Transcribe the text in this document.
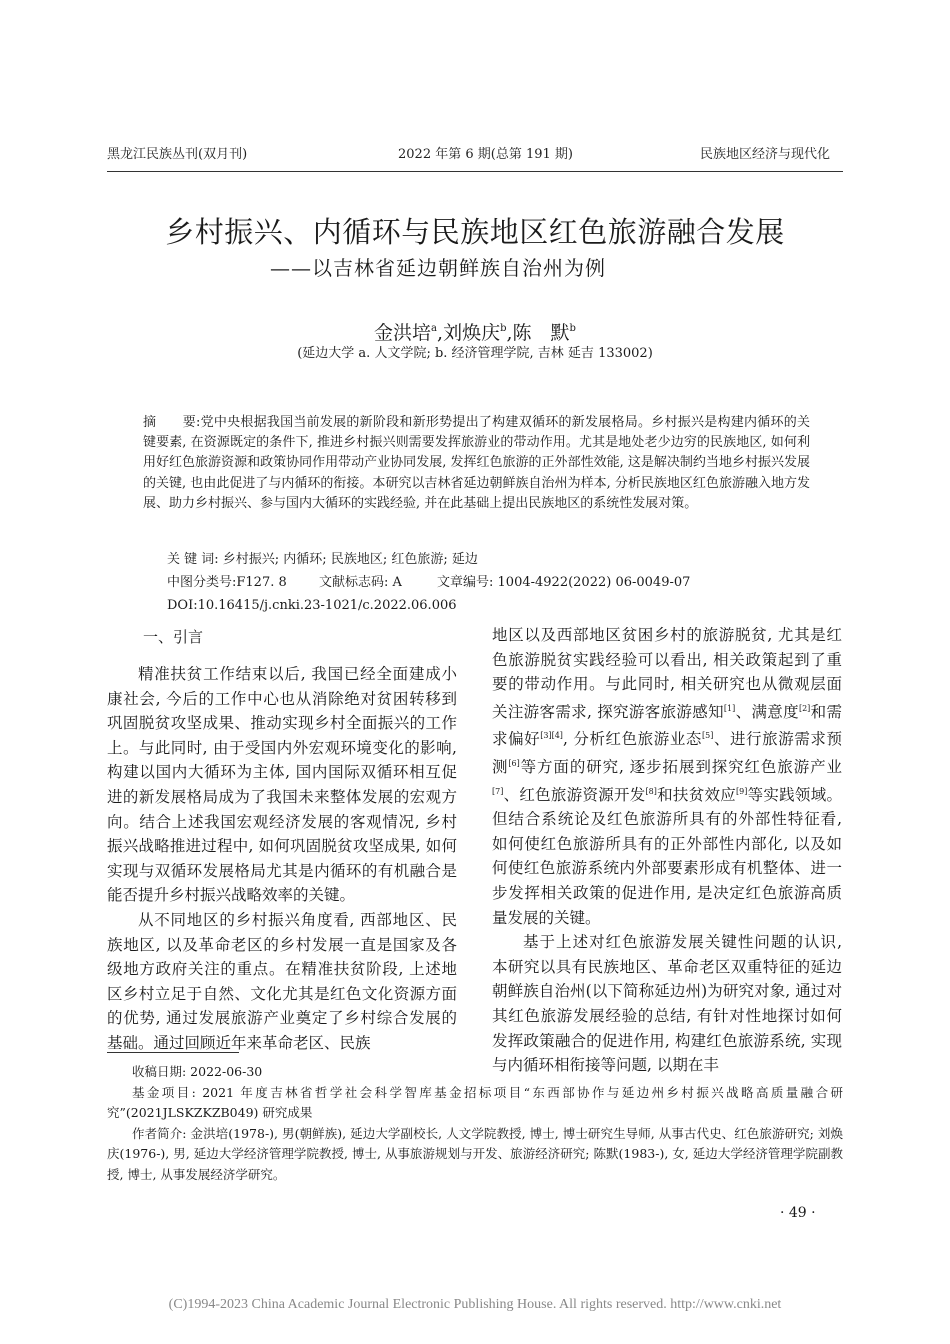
黑龙江民族丛刊(双月刊)	2022 年第 6 期(总第 191 期)	民族地区经济与现代化
乡村振兴、内循环与民族地区红色旅游融合发展
——以吉林省延边朝鲜族自治州为例
金洪培$^a$,刘焕庆$^b$,陈　默$^b$
(延边大学 a. 人文学院; b. 经济管理学院, 吉林 延吉 133002)
摘　　要:党中央根据我国当前发展的新阶段和新形势提出了构建双循环的新发展格局。乡村振兴是构建内循环的关键要素, 在资源既定的条件下, 推进乡村振兴则需要发挥旅游业的带动作用。尤其是地处老少边穷的民族地区, 如何利用好红色旅游资源和政策协同作用带动产业协同发展, 发挥红色旅游的正外部性效能, 这是解决制约当地乡村振兴发展的关键, 也由此促进了与内循环的衔接。本研究以吉林省延边朝鲜族自治州为样本, 分析民族地区红色旅游融入地方发展、助力乡村振兴、参与国内大循环的实践经验, 并在此基础上提出民族地区的系统性发展对策。
关 键 词: 乡村振兴; 内循环; 民族地区; 红色旅游; 延边
中图分类号:F127. 8 文献标志码: A	文章编号: 1004-4922(2022) 06-0049-07
DOI:10.16415/j.cnki.23-1021/c.2022.06.006
一、引言

精准扶贫工作结束以后, 我国已经全面建成小康社会, 今后的工作中心也从消除绝对贫困转移到巩固脱贫攻坚成果、推动实现乡村全面振兴的工作上。与此同时, 由于受国内外宏观环境变化的影响, 构建以国内大循环为主体, 国内国际双循环相互促进的新发展格局成为了我国未来整体发展的宏观方向。结合上述我国宏观经济发展的客观情况, 乡村振兴战略推进过程中, 如何巩固脱贫攻坚成果, 如何实现与双循环发展格局尤其是内循环的有机融合是能否提升乡村振兴战略效率的关键。

从不同地区的乡村振兴角度看, 西部地区、民族地区, 以及革命老区的乡村发展一直是国家及各级地方政府关注的重点。在精准扶贫阶段, 上述地区乡村立足于自然、文化尤其是红色文化资源方面的优势, 通过发展旅游产业奠定了乡村综合发展的基础。通过回顾近年来革命老区、民族

地区以及西部地区贫困乡村的旅游脱贫, 尤其是红色旅游脱贫实践经验可以看出, 相关政策起到了重要的带动作用。与此同时, 相关研究也从微观层面关注游客需求, 探究游客旅游感知[1]、满意度[2]和需求偏好[3][4], 分析红色旅游业态[5]、进行旅游需求预测[6]等方面的研究, 逐步拓展到探究红色旅游产业[7]、红色旅游资源开发[8]和扶贫效应[9]等实践领域。但结合系统论及红色旅游所具有的外部性特征看, 如何使红色旅游所具有的正外部性内部化, 以及如何使红色旅游系统内外部要素形成有机整体、进一步发挥相关政策的促进作用, 是决定红色旅游高质量发展的关键。

基于上述对红色旅游发展关键性问题的认识, 本研究以具有民族地区、革命老区双重特征的延边朝鲜族自治州(以下简称延边州)为研究对象, 通过对其红色旅游发展经验的总结, 有针对性地探讨如何发挥政策融合的促进作用, 构建红色旅游系统, 实现与内循环相衔接等问题, 以期在丰

收稿日期: 2022-06-30

基金项目: 2021 年度吉林省哲学社会科学智库基金招标项目“东西部协作与延边州乡村振兴战略高质量融合研究”(2021JLSKZKZB049) 研究成果

作者简介: 金洪培(1978-), 男(朝鲜族), 延边大学副校长, 人文学院教授, 博士, 博士研究生导师, 从事古代史、红色旅游研究; 刘焕庆(1976-), 男, 延边大学经济管理学院教授, 博士, 从事旅游规划与开发、旅游经济研究; 陈默(1983-), 女, 延边大学经济管理学院副教授, 博士, 从事发展经济学研究。

· 49 ·
(C)1994-2023 China Academic Journal Electronic Publishing House. All rights reserved. http://www.cnki.net
